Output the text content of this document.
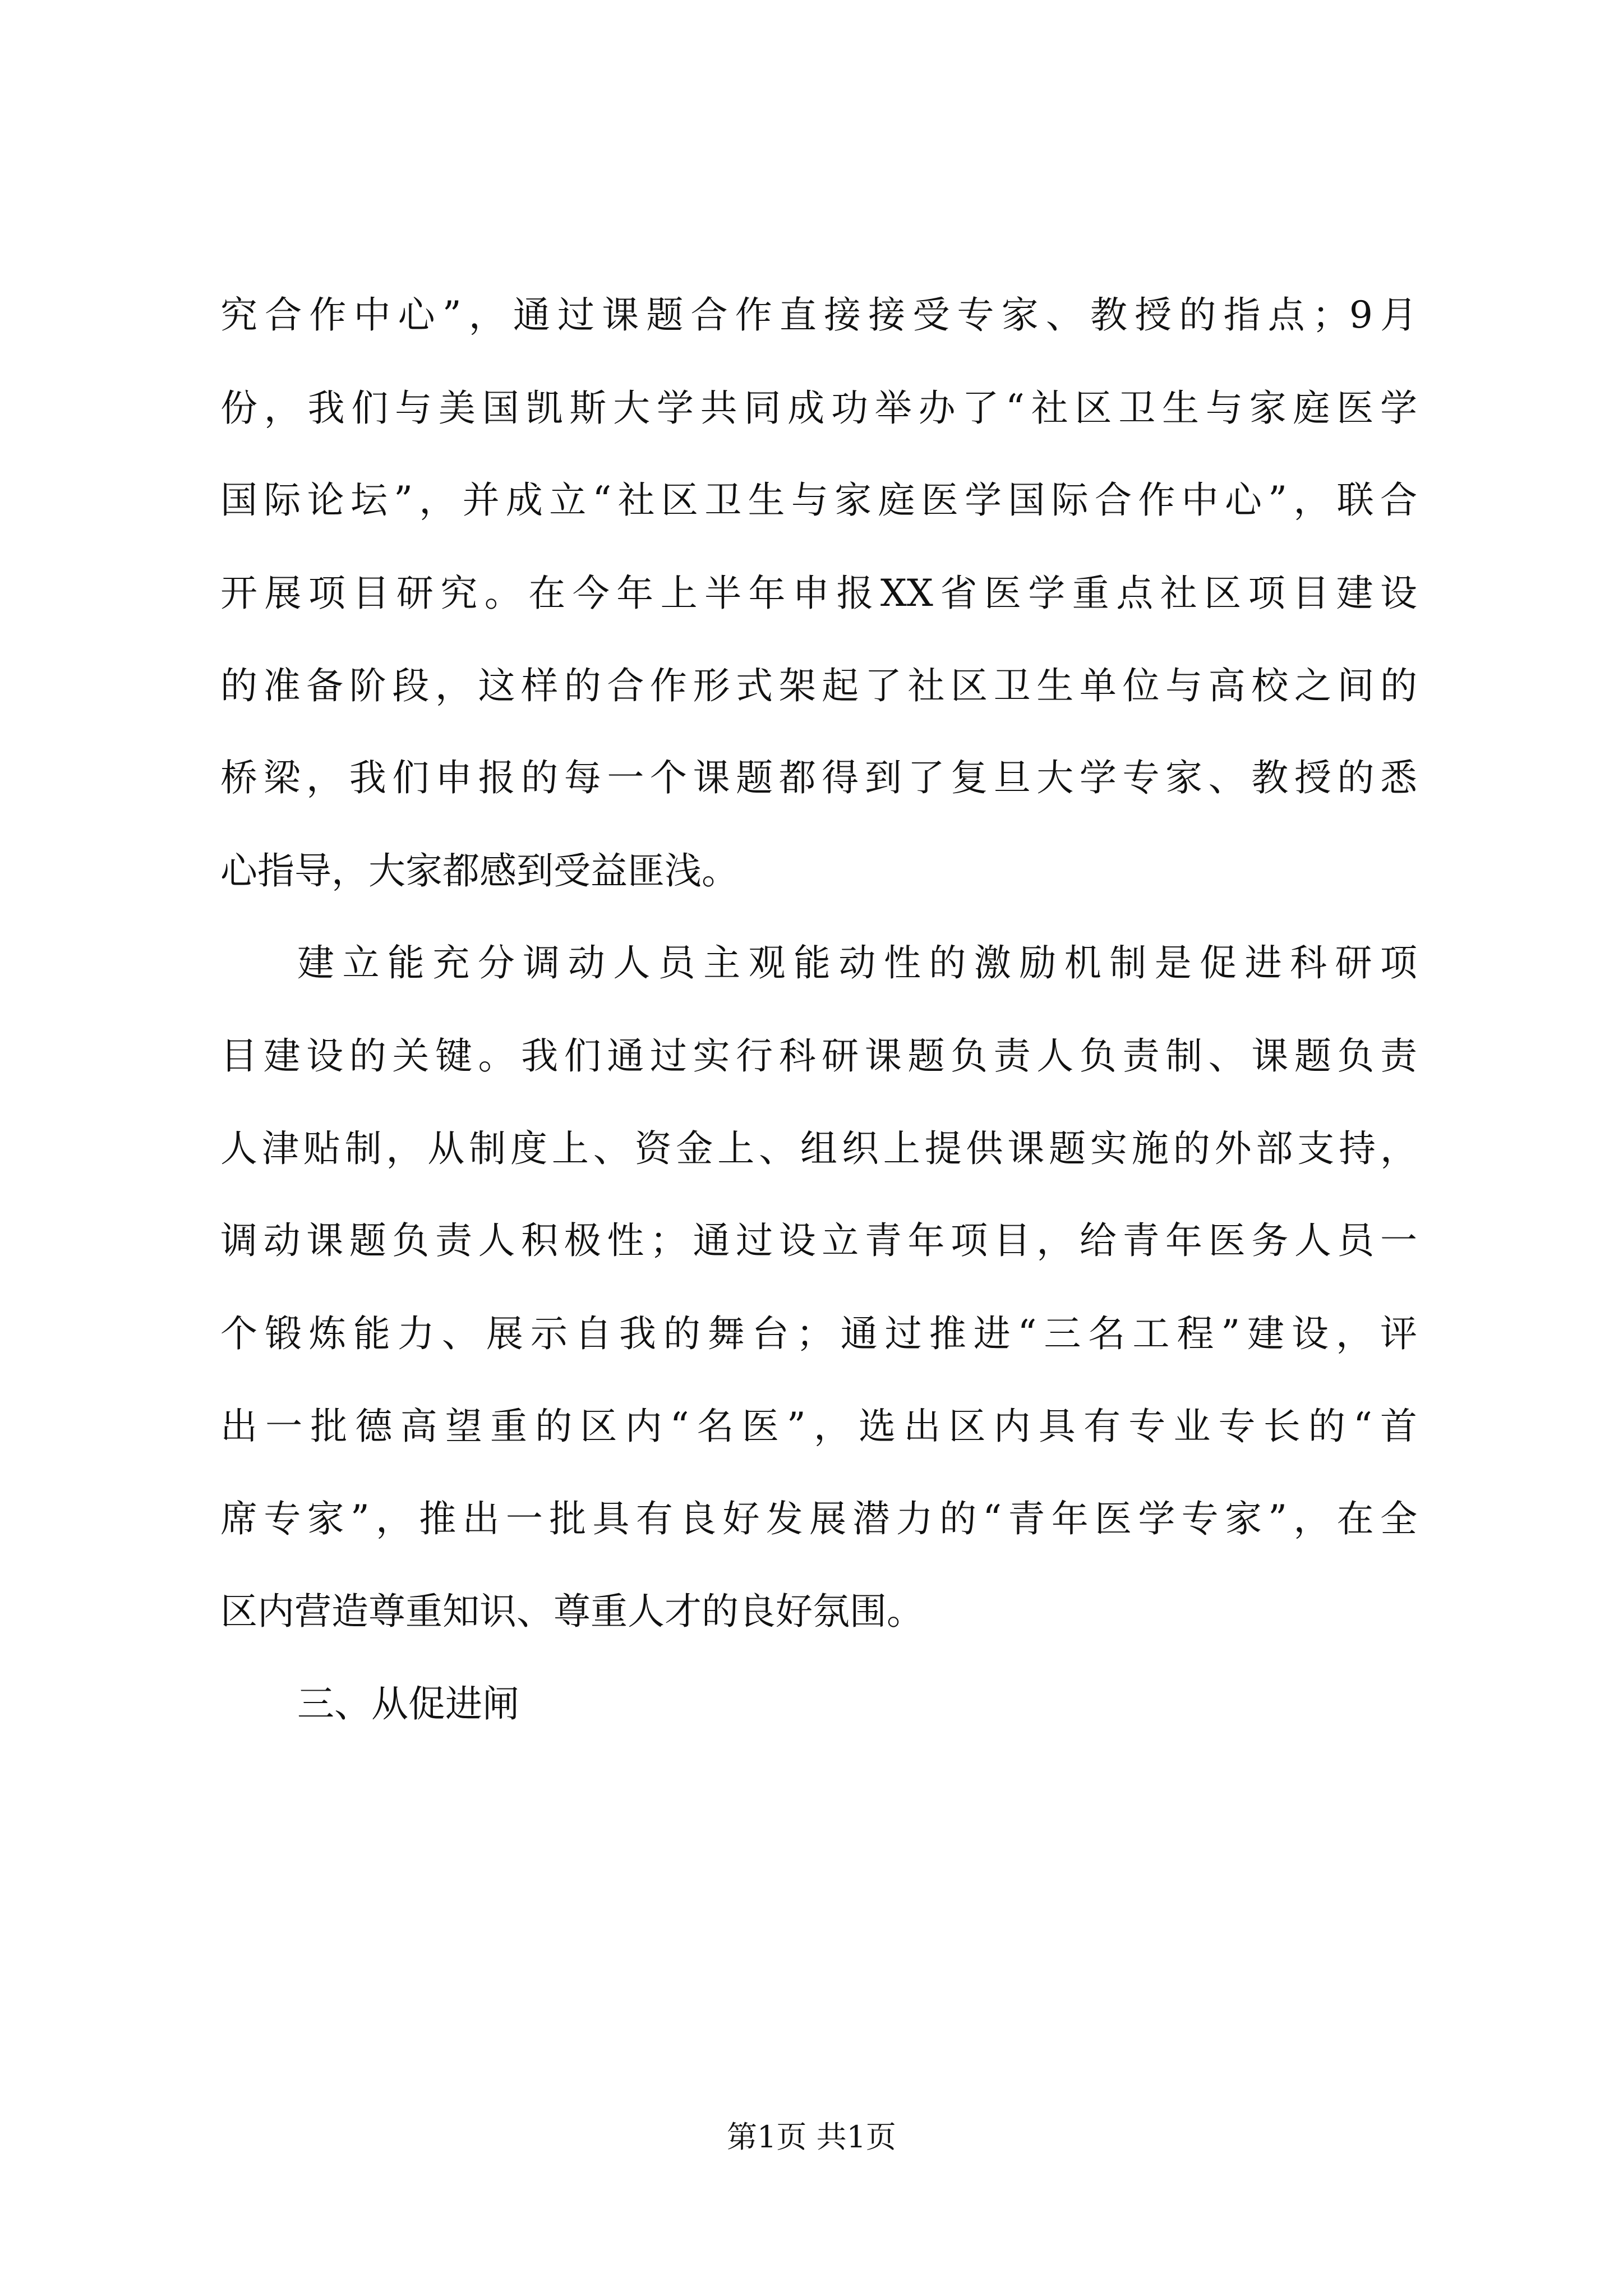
究合作中心”，通过课题合作直接接受专家、教授的指点；9月
份，我们与美国凯斯大学共同成功举办了“社区卫生与家庭医学
国际论坛”，并成立“社区卫生与家庭医学国际合作中心”，联合
开展项目研究。在今年上半年申报XX省医学重点社区项目建设
的准备阶段，这样的合作形式架起了社区卫生单位与高校之间的
桥梁，我们申报的每一个课题都得到了复旦大学专家、教授的悉
心指导，大家都感到受益匪浅。
建立能充分调动人员主观能动性的激励机制是促进科研项
目建设的关键。我们通过实行科研课题负责人负责制、课题负责
人津贴制，从制度上、资金上、组织上提供课题实施的外部支持，
调动课题负责人积极性；通过设立青年项目，给青年医务人员一
个锻炼能力、展示自我的舞台；通过推进“三名工程”建设，评
出一批德高望重的区内“名医”，选出区内具有专业专长的“首
席专家”，推出一批具有良好发展潜力的“青年医学专家”，在全
区内营造尊重知识、尊重人才的良好氛围。
三、从促进闸
第1页 共1页
